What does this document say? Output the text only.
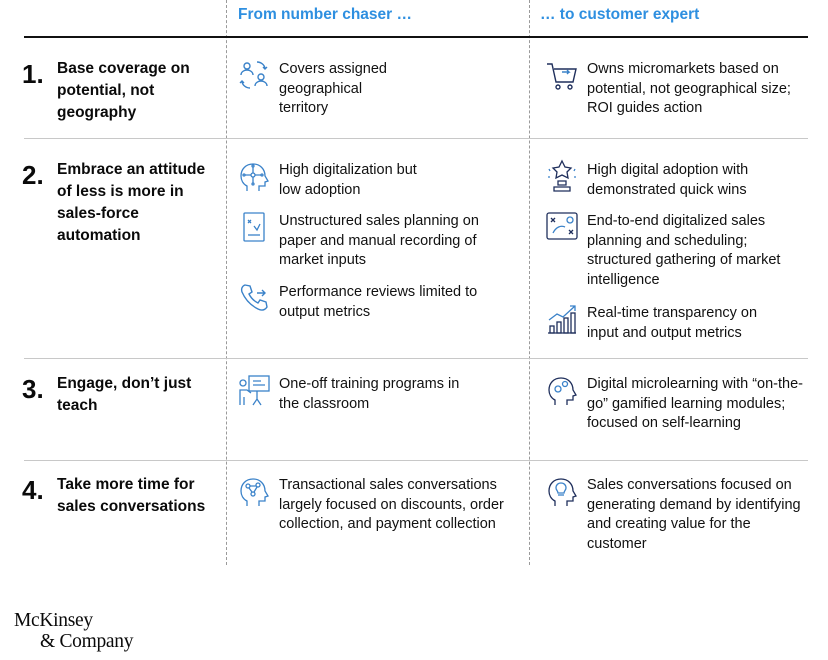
From number chaser …	… to customer expert
1. Base coverage on potential, not geography
Covers assigned geographical territory
Owns micromarkets based on potential, not geographical size; ROI guides action
2. Embrace an attitude of less is more in sales-force automation
High digitalization but low adoption
Unstructured sales planning on paper and manual recording of market inputs
Performance reviews limited to output metrics
High digital adoption with demonstrated quick wins
End-to-end digitalized sales planning and scheduling; structured gathering of market intelligence
Real-time transparency on input and output metrics
3. Engage, don’t just teach
One-off training programs in the classroom
Digital microlearning with “on-the-go” gamified learning modules; focused on self-learning
4. Take more time for sales conversations
Transactional sales conversations largely focused on discounts, order collection, and payment collection
Sales conversations focused on generating demand by identifying and creating value for the customer
McKinsey
& Company
